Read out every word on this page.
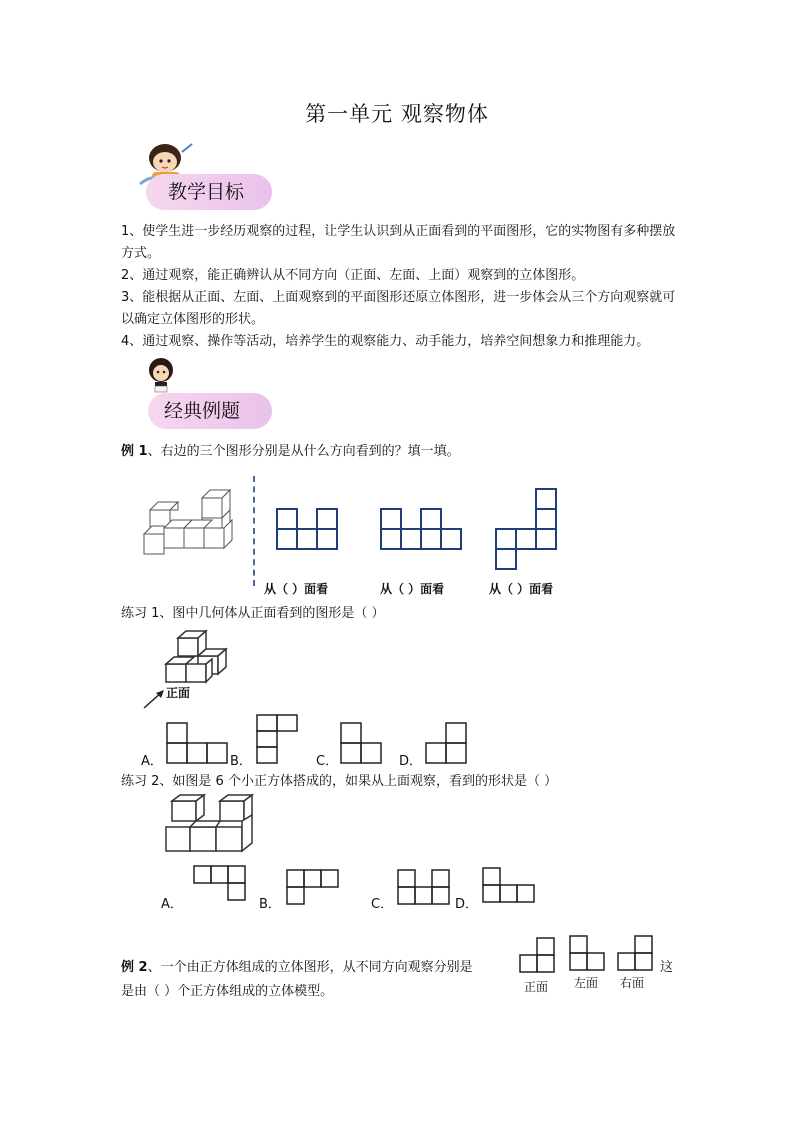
第一单元 观察物体
教学目标
1、使学生进一步经历观察的过程，让学生认识到从正面看到的平面图形，它的实物图有多种摆放方式。
2、通过观察，能正确辨认从不同方向（正面、左面、上面）观察到的立体图形。
3、能根据从正面、左面、上面观察到的平面图形还原立体图形，进一步体会从三个方向观察就可以确定立体图形的形状。
4、通过观察、操作等活动，培养学生的观察能力、动手能力，培养空间想象力和推理能力。
经典例题
例 1、右边的三个图形分别是从什么方向看到的？填一填。
从（ ）面看	从（ ）面看	从（ ）面看
练习 1、图中几何体从正面看到的图形是（ ）
正面
A．	B．	C．	D．
练习 2、如图是 6 个小正方体搭成的，如果从上面观察，看到的形状是（ ）
A．	B．	C．	D．
例 2、一个由正方体组成的立体图形，从不同方向观察分别是	这
是由（ ）个正方体组成的立体模型。	正面 左面 右面
